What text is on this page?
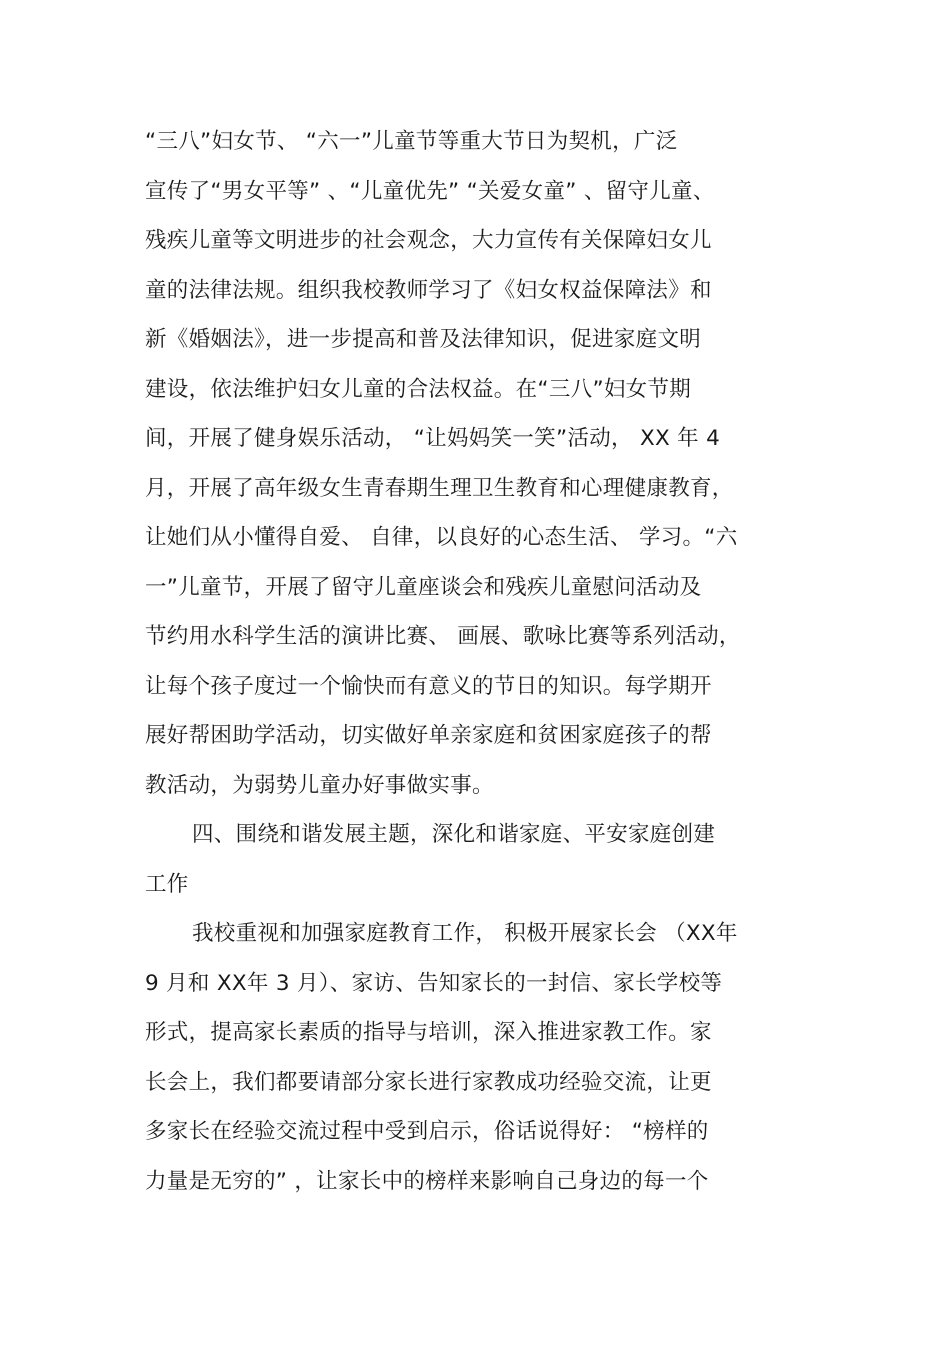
“三八”妇女节、 “六一”儿童节等重大节日为契机，广泛
宣传了“男女平等” 、“儿童优先” “关爱女童” 、留守儿童、
残疾儿童等文明进步的社会观念，大力宣传有关保障妇女儿
童的法律法规。组织我校教师学习了《妇女权益保障法》和
新《婚姻法》，进一步提高和普及法律知识，促进家庭文明
建设，依法维护妇女儿童的合法权益。在“三八”妇女节期
间，开展了健身娱乐活动， “让妈妈笑一笑”活动， XX 年 4
月，开展了高年级女生青春期生理卫生教育和心理健康教育，
让她们从小懂得自爱、 自律，以良好的心态生活、 学习。“六
一”儿童节，开展了留守儿童座谈会和残疾儿童慰问活动及
节约用水科学生活的演讲比赛、 画展、歌咏比赛等系列活动，
让每个孩子度过一个愉快而有意义的节日的知识。每学期开
展好帮困助学活动，切实做好单亲家庭和贫困家庭孩子的帮
教活动，为弱势儿童办好事做实事。
四、围绕和谐发展主题，深化和谐家庭、平安家庭创建
工作
我校重视和加强家庭教育工作， 积极开展家长会 （XX年
9 月和 XX年 3 月）、家访、告知家长的一封信、家长学校等
形式，提高家长素质的指导与培训，深入推进家教工作。家
长会上，我们都要请部分家长进行家教成功经验交流，让更
多家长在经验交流过程中受到启示，俗话说得好： “榜样的
力量是无穷的” ，让家长中的榜样来影响自己身边的每一个
